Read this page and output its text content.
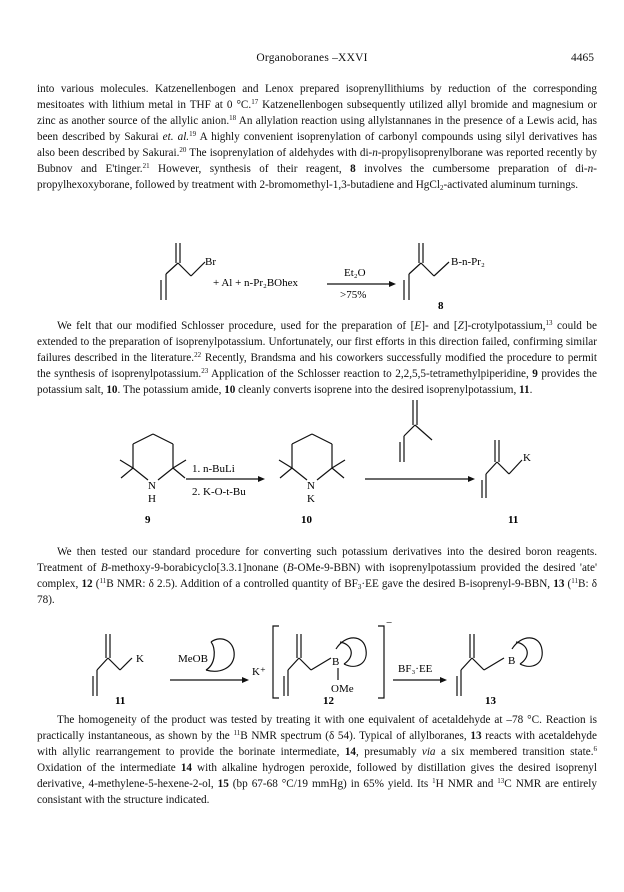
Organoboranes –XXVI	4465

into various molecules. Katzenellenbogen and Lenox prepared isoprenyllithiums by reduction of the corresponding mesitoates with lithium metal in THF at 0 °C.$^{17}$ Katzenellenbogen subsequently utilized allyl bromide and magnesium or zinc as another source of the allylic anion.$^{18}$ An allylation reaction using allylstannanes in the presence of a Lewis acid, has been described by Sakurai et. al.$^{19}$ A highly convenient isoprenylation of carbonyl compounds using silyl derivatives has also been described by Sakurai.$^{20}$ The isoprenylation of aldehydes with di-n-propylisoprenylborane was reported recently by Bubnov and E'tinger.$^{21}$ However, synthesis of their reagent, 8 involves the cumbersome preparation of di-n-propylhexoxyborane, followed by treatment with 2-bromomethyl-1,3-butadiene and HgCl$_2$-activated aluminum turnings.

Br
+ Al + n-Pr₂BOhex
Et₂O
>75%
B-n-Pr₂
8

We felt that our modified Schlosser procedure, used for the preparation of [E]- and [Z]-crotylpotassium,$^{13}$ could be extended to the preparation of isoprenylpotassium. Unfortunately, our first efforts in this direction failed, confirming similar failures described in the literature.$^{22}$ Recently, Brandsma and his coworkers successfully modified the procedure to permit the synthesis of isoprenylpotassium.$^{23}$ Application of the Schlosser reaction to 2,2,5,5-tetramethylpiperidine, 9 provides the potassium salt, 10. The potassium amide, 10 cleanly converts isoprene into the desired isoprenylpotassium, 11.

N
H
9
1. n-BuLi
2. K-O-t-Bu	N
K
10
K
11

We then tested our standard procedure for converting such potassium derivatives into the desired boron reagents. Treatment of B-methoxy-9-borabicyclo[3.3.1]nonane (B-OMe-9-BBN) with isoprenylpotassium provided the desired 'ate' complex, 12 ($^{11}$B NMR: δ 2.5). Addition of a controlled quantity of $BF_3\cdot EE$ gave the desired B-isoprenyl-9-BBN, 13 ($^{11}$B: δ 78).

K	MeOB
K⁺
B
OMe
−
BF₃·EE
B
11	12	13

The homogeneity of the product was tested by treating it with one equivalent of acetaldehyde at –78 °C. Reaction is practically instantaneous, as shown by the $^{11}$B NMR spectrum (δ 54). Typical of allylboranes, 13 reacts with acetaldehyde with allylic rearrangement to provide the borinate intermediate, 14, presumably via a six membered transition state.$^6$ Oxidation of the intermediate 14 with alkaline hydrogen peroxide, followed by distillation gives the desired isoprenyl derivative, 4-methylene-5-hexene-2-ol, 15 (bp 67-68 °C/19 mmHg) in 65% yield. Its $^1$H NMR and $^{13}$C NMR are entirely consistant with the structure indicated.
